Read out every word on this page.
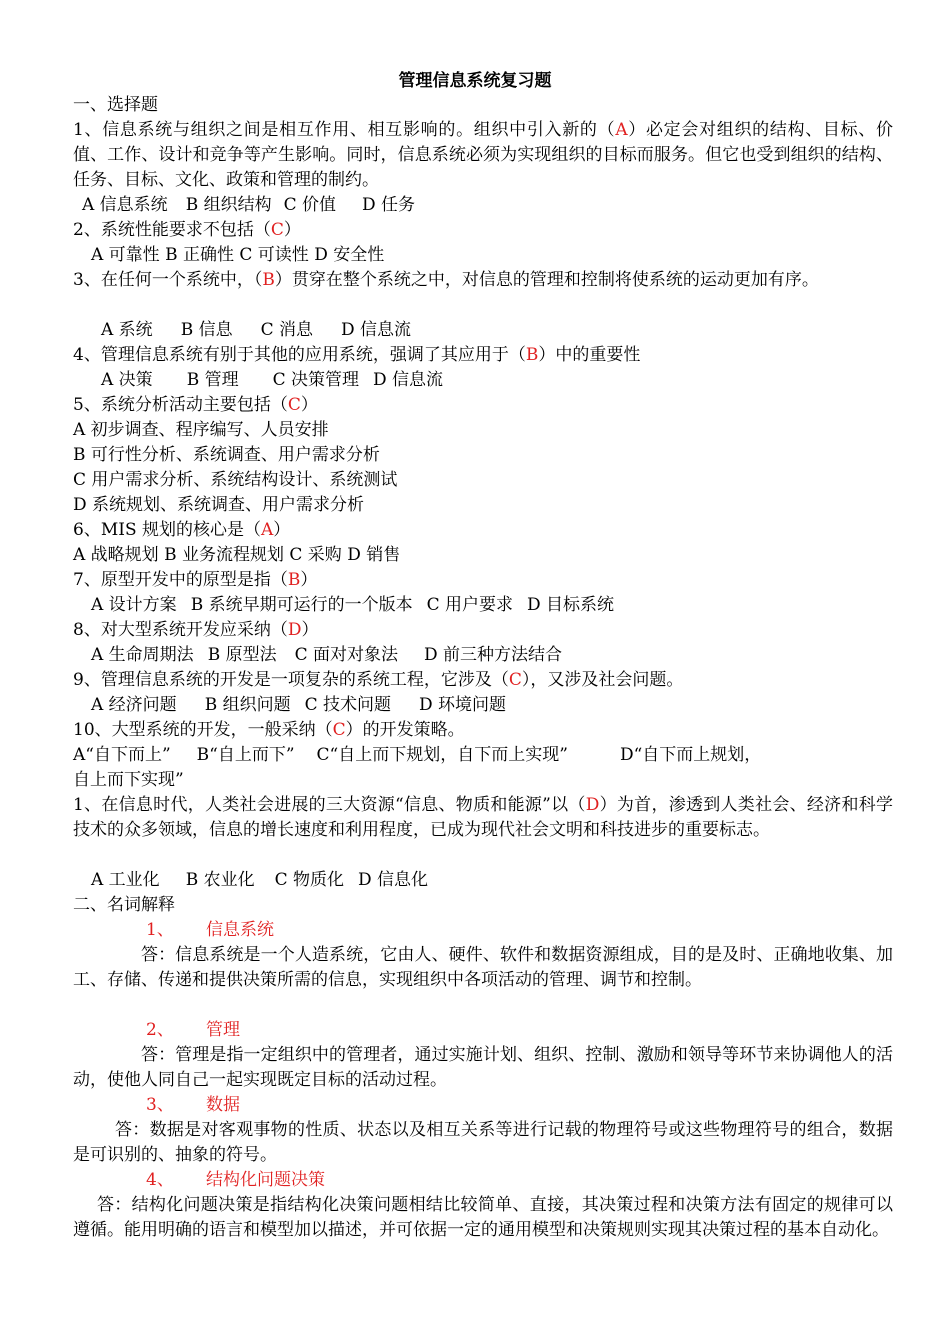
管理信息系统复习题
一、选择题
1、信息系统与组织之间是相互作用、相互影响的。组织中引入新的（A）必定会对组织的结构、目标、价值、工作、设计和竞争等产生影响。同时，信息系统必须为实现组织的目标而服务。但它也受到组织的结构、任务、目标、文化、政策和管理的制约。
A 信息系统 B 组织结构 C 价值 D 任务
2、系统性能要求不包括（C）
A 可靠性 B 正确性 C 可读性 D 安全性
3、在任何一个系统中，（B）贯穿在整个系统之中，对信息的管理和控制将使系统的运动更加有序。
A 系统 B 信息 C 消息 D 信息流
4、管理信息系统有别于其他的应用系统，强调了其应用于（B）中的重要性
A 决策 B 管理 C 决策管理 D 信息流
5、系统分析活动主要包括（C）
A 初步调查、程序编写、人员安排
B 可行性分析、系统调查、用户需求分析
C 用户需求分析、系统结构设计、系统测试
D 系统规划、系统调查、用户需求分析
6、MIS 规划的核心是（A）
A 战略规划 B 业务流程规划 C 采购 D 销售
7、原型开发中的原型是指（B）
A 设计方案 B 系统早期可运行的一个版本 C 用户要求 D 目标系统
8、对大型系统开发应采纳（D）
A 生命周期法 B 原型法 C 面对对象法 D 前三种方法结合
9、管理信息系统的开发是一项复杂的系统工程，它涉及（C），又涉及社会问题。
A 经济问题 B 组织问题 C 技术问题 D 环境问题
10、大型系统的开发，一般采纳（C）的开发策略。
A“自下而上” B“自上而下” C“自上而下规划，自下而上实现”	D“自下而上规划，
自上而下实现”
1、在信息时代，人类社会进展的三大资源“信息、物质和能源”以（D）为首，渗透到人类社会、经济和科学技术的众多领域，信息的增长速度和利用程度，已成为现代社会文明和科技进步的重要标志。
A 工业化 B 农业化 C 物质化 D 信息化
二、名词解释
1、 信息系统
答：信息系统是一个人造系统，它由人、硬件、软件和数据资源组成，目的是及时、正确地收集、加工、存储、传递和提供决策所需的信息，实现组织中各项活动的管理、调节和控制。
2、 管理
答：管理是指一定组织中的管理者，通过实施计划、组织、控制、激励和领导等环节来协调他人的活动，使他人同自己一起实现既定目标的活动过程。
3、 数据
答：数据是对客观事物的性质、状态以及相互关系等进行记载的物理符号或这些物理符号的组合，数据是可识别的、抽象的符号。
4、 结构化问题决策
答：结构化问题决策是指结构化决策问题相结比较简单、直接，其决策过程和决策方法有固定的规律可以遵循。能用明确的语言和模型加以描述，并可依据一定的通用模型和决策规则实现其决策过程的基本自动化。
